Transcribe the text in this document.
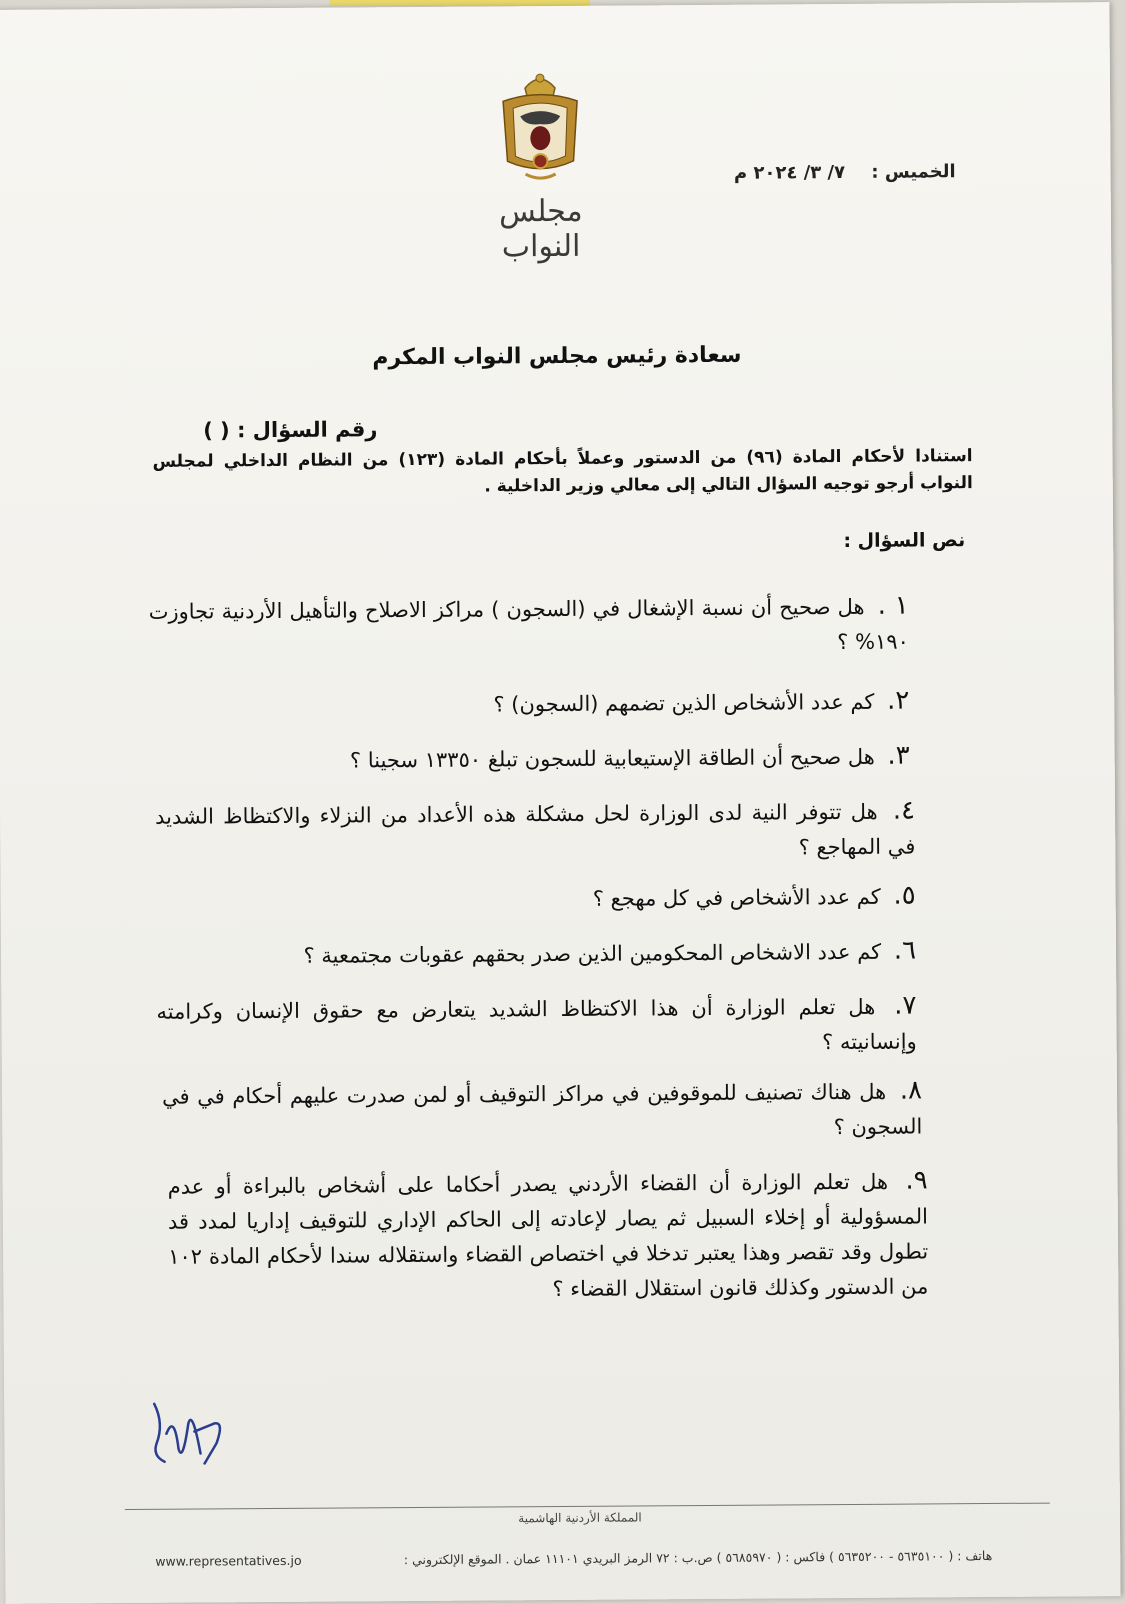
مجلس النواب
الخميس : ٧/ ٣/ ٢٠٢٤ م
سعادة رئيس مجلس النواب المكرم
رقم السؤال : ( )
استنادا لأحكام المادة (٩٦) من الدستور وعملاً بأحكام المادة (١٢٣) من النظام الداخلي لمجلس النواب أرجو توجيه السؤال التالي إلى معالي وزير الداخلية .
نص السؤال :
١ . هل صحيح أن نسبة الإشغال في (السجون ) مراكز الاصلاح والتأهيل الأردنية تجاوزت ١٩٠% ؟
٢. كم عدد الأشخاص الذين تضمهم (السجون) ؟
٣. هل صحيح أن الطاقة الإستيعابية للسجون تبلغ ١٣٣٥٠ سجينا ؟
٤. هل تتوفر النية لدى الوزارة لحل مشكلة هذه الأعداد من النزلاء والاكتظاظ الشديد في المهاجع ؟
٥. كم عدد الأشخاص في كل مهجع ؟
٦. كم عدد الاشخاص المحكومين الذين صدر بحقهم عقوبات مجتمعية ؟
٧. هل تعلم الوزارة أن هذا الاكتظاظ الشديد يتعارض مع حقوق الإنسان وكرامته وإنسانيته ؟
٨. هل هناك تصنيف للموقوفين في مراكز التوقيف أو لمن صدرت عليهم أحكام في في السجون ؟
٩. هل تعلم الوزارة أن القضاء الأردني يصدر أحكاما على أشخاص بالبراءة أو عدم المسؤولية أو إخلاء السبيل ثم يصار لإعادته إلى الحاكم الإداري للتوقيف إداريا لمدد قد تطول وقد تقصر وهذا يعتبر تدخلا في اختصاص القضاء واستقلاله سندا لأحكام المادة ١٠٢ من الدستور وكذلك قانون استقلال القضاء ؟
المملكة الأردنية الهاشمية
هاتف : ( ٥٦٣٥١٠٠ - ٥٦٣٥٢٠٠ ) فاكس : ( ٥٦٨٥٩٧٠ ) ص.ب : ٧٢ الرمز البريدي ١١١٠١ عمان . الموقع الإلكتروني :
www.representatives.jo
